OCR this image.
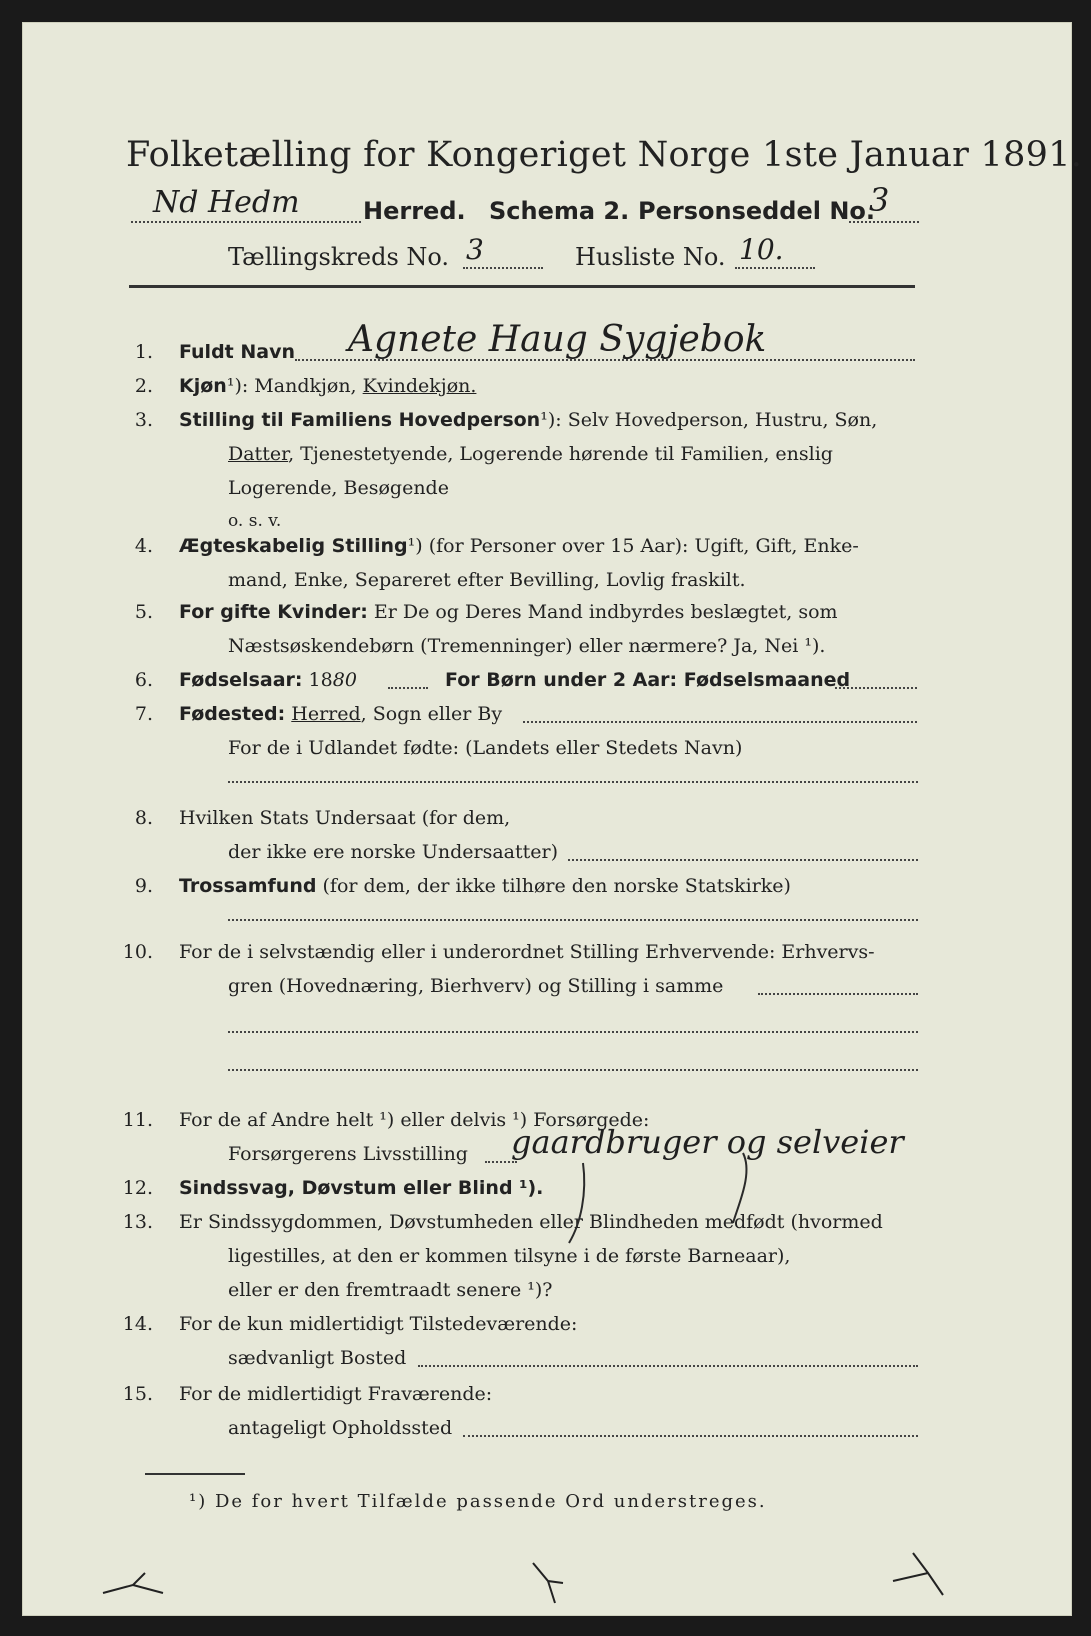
Folketælling for Kongeriget Norge 1ste Januar 1891.
Nd Hedm	Herred. Schema 2. Personseddel No.
3
Tællingskreds No. 3	Husliste No. 10.
1. Fuldt Navn Agnete Haug Sygjebok
2. Kjøn¹): Mandkjøn, Kvindekjøn.
3. Stilling til Familiens Hovedperson¹): Selv Hovedperson, Hustru, Søn,
Datter, Tjenestetyende, Logerende hørende til Familien, enslig
Logerende, Besøgende
o. s. v.
4. Ægteskabelig Stilling¹) (for Personer over 15 Aar): Ugift, Gift, Enke-
mand, Enke, Separeret efter Bevilling, Lovlig fraskilt.
5. For gifte Kvinder: Er De og Deres Mand indbyrdes beslægtet, som
Næstsøskendebørn (Tremenninger) eller nærmere? Ja, Nei ¹).
6. Fødselsaar: 1880	For Børn under 2 Aar: Fødselsmaaned
7. Fødested: Herred, Sogn eller By
For de i Udlandet fødte: (Landets eller Stedets Navn)
8. Hvilken Stats Undersaat (for dem,
der ikke ere norske Undersaatter)
9. Trossamfund (for dem, der ikke tilhøre den norske Statskirke)
10. For de i selvstændig eller i underordnet Stilling Erhvervende: Erhvervs-
gren (Hovednæring, Bierhverv) og Stilling i samme
11. For de af Andre helt ¹) eller delvis ¹) Forsørgede:
Forsørgerens Livsstilling gaardbruger og selveier
12. Sindssvag, Døvstum eller Blind ¹).
13. Er Sindssygdommen, Døvstumheden eller Blindheden medfødt (hvormed
ligestilles, at den er kommen tilsyne i de første Barneaar),
eller er den fremtraadt senere ¹)?
14. For de kun midlertidigt Tilstedeværende:
sædvanligt Bosted
15. For de midlertidigt Fraværende:
antageligt Opholdssted
¹) De for hvert Tilfælde passende Ord understreges.
